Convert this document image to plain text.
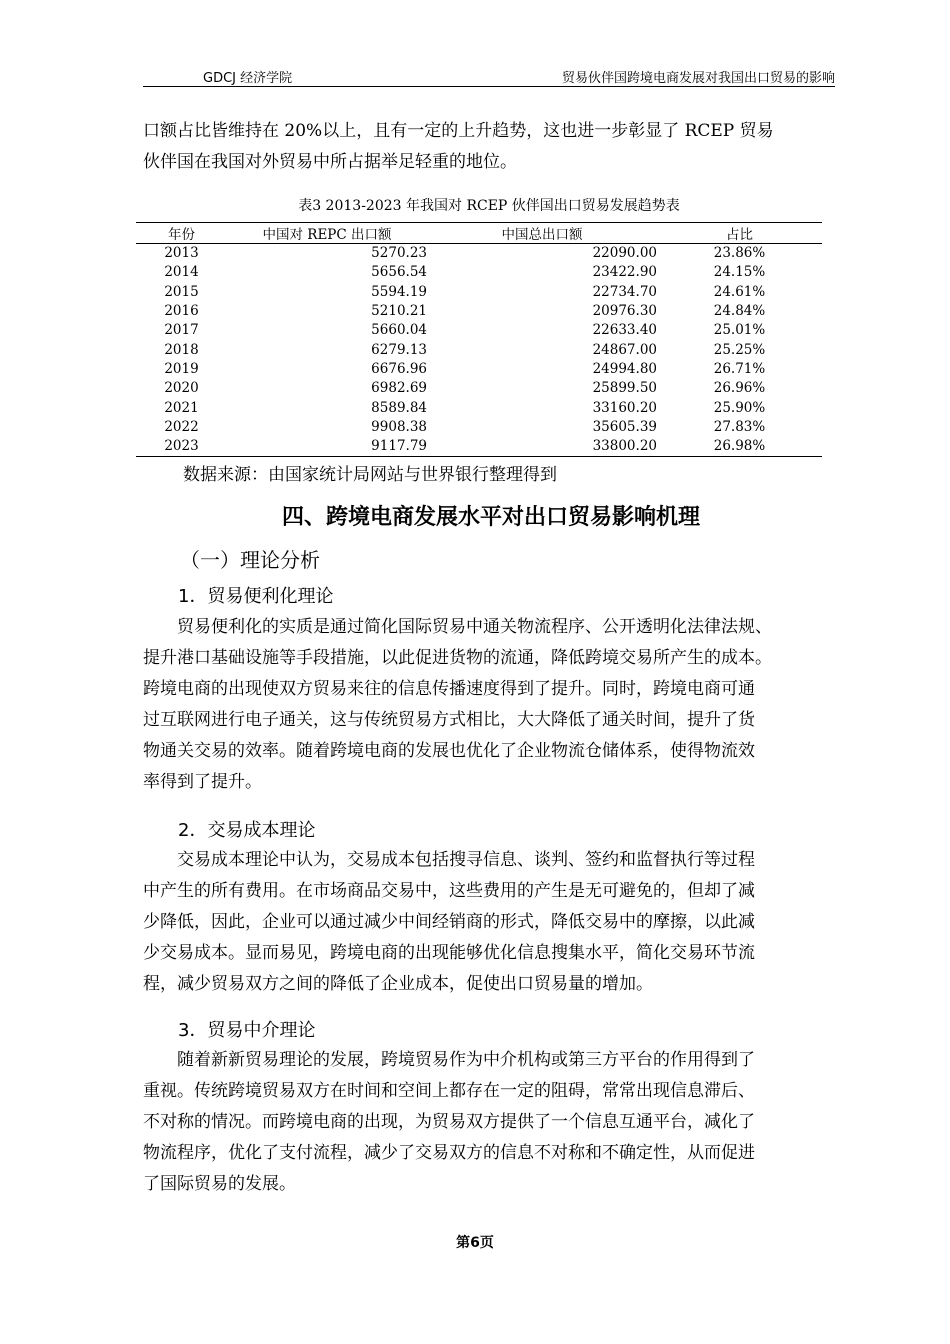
GDCJ 经济学院	贸易伙伴国跨境电商发展对我国出口贸易的影响

口额占比皆维持在 20%以上，且有一定的上升趋势，这也进一步彰显了 RCEP 贸易

伙伴国在我国对外贸易中所占据举足轻重的地位。

表3 2013-2023 年我国对 RCEP 伙伴国出口贸易发展趋势表
年份	中国对 REPC 出口额	中国总出口额	占比
2013	5270.23	22090.00	23.86%
2014	5656.54	23422.90	24.15%
2015	5594.19	22734.70	24.61%
2016	5210.21	20976.30	24.84%
2017	5660.04	22633.40	25.01%
2018	6279.13	24867.00	25.25%
2019	6676.96	24994.80	26.71%
2020	6982.69	25899.50	26.96%
2021	8589.84	33160.20	25.90%
2022	9908.38	35605.39	27.83%
2023	9117.79	33800.20	26.98%
数据来源：由国家统计局网站与世界银行整理得到
四、跨境电商发展水平对出口贸易影响机理
（一）理论分析
1．贸易便利化理论

贸易便利化的实质是通过简化国际贸易中通关物流程序、公开透明化法律法规、

提升港口基础设施等手段措施，以此促进货物的流通，降低跨境交易所产生的成本。

跨境电商的出现使双方贸易来往的信息传播速度得到了提升。同时，跨境电商可通

过互联网进行电子通关，这与传统贸易方式相比，大大降低了通关时间，提升了货

物通关交易的效率。随着跨境电商的发展也优化了企业物流仓储体系，使得物流效

率得到了提升。

2．交易成本理论

交易成本理论中认为，交易成本包括搜寻信息、谈判、签约和监督执行等过程

中产生的所有费用。在市场商品交易中，这些费用的产生是无可避免的，但却了减

少降低，因此，企业可以通过减少中间经销商的形式，降低交易中的摩擦，以此减

少交易成本。显而易见，跨境电商的出现能够优化信息搜集水平，简化交易环节流

程，减少贸易双方之间的降低了企业成本，促使出口贸易量的增加。

3．贸易中介理论

随着新新贸易理论的发展，跨境贸易作为中介机构或第三方平台的作用得到了

重视。传统跨境贸易双方在时间和空间上都存在一定的阻碍，常常出现信息滞后、

不对称的情况。而跨境电商的出现，为贸易双方提供了一个信息互通平台，减化了

物流程序，优化了支付流程，减少了交易双方的信息不对称和不确定性，从而促进

了国际贸易的发展。

第6页
